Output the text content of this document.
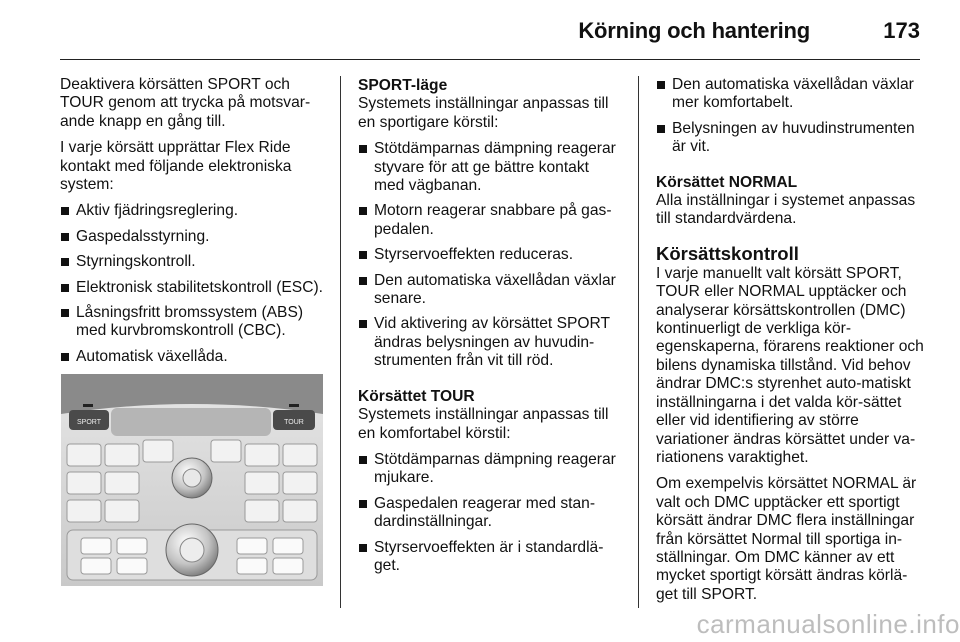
Körning och hantering	173

Deaktivera körsätten SPORT och TOUR genom att trycka på motsvar-ande knapp en gång till.

I varje körsätt upprättar Flex Ride kontakt med följande elektroniska system:

Aktiv fjädringsreglering.
Gaspedalsstyrning.
Styrningskontroll.
Elektronisk stabilitetskontroll (ESC).
Låsningsfritt bromssystem (ABS) med kurvbromskontroll (CBC).
Automatisk växellåda.
SPORT	TOUR
SPORT-läge

Systemets inställningar anpassas till en sportigare körstil:

Stötdämparnas dämpning reagerar styvare för att ge bättre kontakt med vägbanan.
Motorn reagerar snabbare på gas-pedalen.
Styrservoeffekten reduceras.
Den automatiska växellådan växlar senare.
Vid aktivering av körsättet SPORT ändras belysningen av huvudin-strumenten från vit till röd.
Körsättet TOUR

Systemets inställningar anpassas till en komfortabel körstil:

Stötdämparnas dämpning reagerar mjukare.
Gaspedalen reagerar med stan-dardinställningar.
Styrservoeffekten är i standardlä-get.
Den automatiska växellådan växlar mer komfortabelt.
Belysningen av huvudinstrumenten är vit.
Körsättet NORMAL

Alla inställningar i systemet anpassas till standardvärdena.

Körsättskontroll

I varje manuellt valt körsätt SPORT, TOUR eller NORMAL upptäcker och analyserar körsättskontrollen (DMC) kontinuerligt de verkliga kör-egenskaperna, förarens reaktioner och bilens dynamiska tillstånd. Vid behov ändrar DMC:s styrenhet auto-matiskt inställningarna i det valda kör-sättet eller vid identifiering av större variationer ändras körsättet under va-riationens varaktighet.

Om exempelvis körsättet NORMAL är valt och DMC upptäcker ett sportigt körsätt ändrar DMC flera inställningar från körsättet Normal till sportiga in-ställningar. Om DMC känner av ett mycket sportigt körsätt ändras körlä-get till SPORT.

carmanualsonline.info
